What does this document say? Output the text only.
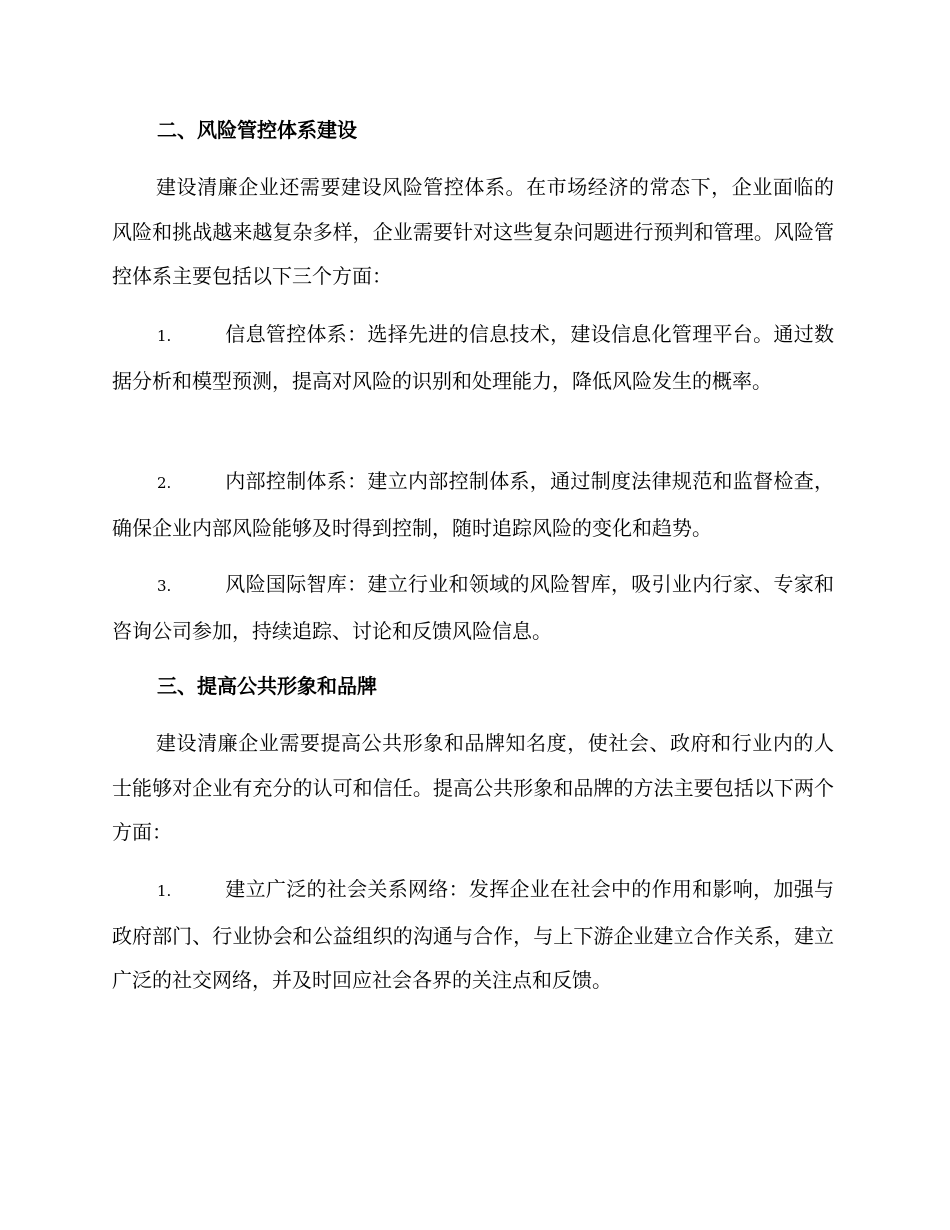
二、风险管控体系建设

建设清廉企业还需要建设风险管控体系。在市场经济的常态下，企业面临的风险和挑战越来越复杂多样，企业需要针对这些复杂问题进行预判和管理。风险管控体系主要包括以下三个方面：

1.	信息管控体系：选择先进的信息技术，建设信息化管理平台。通过数据分析和模型预测，提高对风险的识别和处理能力，降低风险发生的概率。

2.	内部控制体系：建立内部控制体系，通过制度法律规范和监督检查，确保企业内部风险能够及时得到控制，随时追踪风险的变化和趋势。

3.	风险国际智库：建立行业和领域的风险智库，吸引业内行家、专家和咨询公司参加，持续追踪、讨论和反馈风险信息。

三、提高公共形象和品牌

建设清廉企业需要提高公共形象和品牌知名度，使社会、政府和行业内的人士能够对企业有充分的认可和信任。提高公共形象和品牌的方法主要包括以下两个方面：

1.	建立广泛的社会关系网络：发挥企业在社会中的作用和影响，加强与政府部门、行业协会和公益组织的沟通与合作，与上下游企业建立合作关系，建立广泛的社交网络，并及时回应社会各界的关注点和反馈。
